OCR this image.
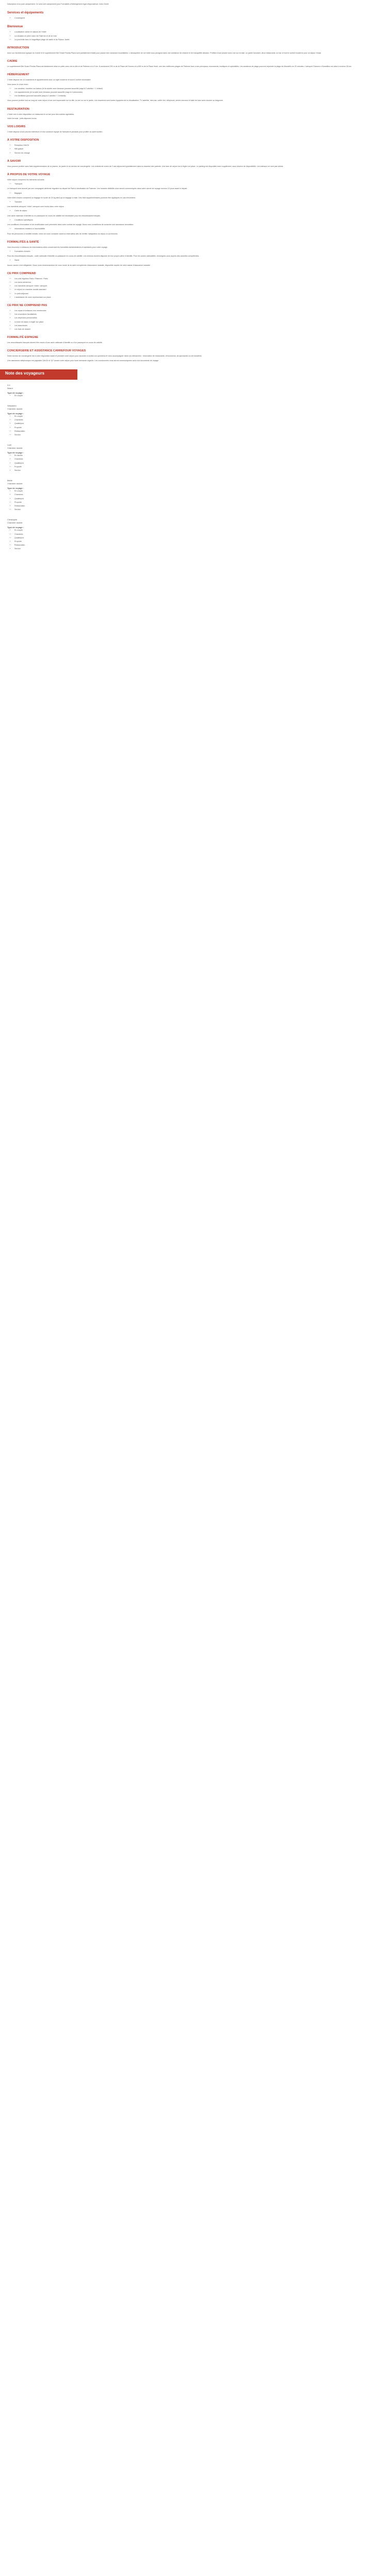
Description d'un pure campement. Ce sera vert campement pour Formalités d'hébergement égal d'équivalence. Arès Cliché

Services et équipements
• Conciergerie
Bienvenue
• Localisation calme et raisons de l'hôtel
• La situation en plein cœur de Palerme et de la Cote
• La proximité avec le magnifique plage de sable et de Palavo Jardin
INTRODUCTION

Avec sur l'architecture typique du Comte et le superbement Bel Smart Florida Plaza sont parfaitement établi pour passer des vacances inoubliables. L'atmosphère de cet hôtel vous plongera dans une ambiance de charme et de tranquillité absolue. Profitez d'une piscine avec vue sur la baie, un jardin luxuriant, deux restaurants, un bar et tout le confort moderne pour un séjour réussi.

CADRE

Le superbement Bel Smart Florida Plaza est idéalement situé en plein cœur de la ville et de Palerme et à 3 km. À seulement 200 m de la Plaza del Duomo et à 800 m de la Plaza Verdi, une des meilleures plages de Palerme face à ses principaux monuments, boutiques et spécialités. Les amateurs de plage pourront rejoindre la plage de Mondello en 20 minutes. L'aéroport Falcone e Borsellino est situé à environ 35 km.

HÉBERGEMENT

L'hôtel dispose de 113 chambres et appartements avec un style moderne et tout le confort nécessaire.

Vous aurez le choix entre :

• Les doubles / doubles sur balcon (et la double avec terrasse pouvant accueillir jusqu'à 2 adultes + 1 enfant)
• Les appartements (et la suite avec terrasse pouvant accueillir jusqu'à 4 personnes)
• Les familiales (pouvant accueillir jusqu'à 2 adultes + 2 enfants)

Vous pourrez profiter tout au long de votre séjour d'une vue imprenable sur la ville, la mer ou sur le jardin. Les chambres sont toutes équipées de la climatisation, TV satellite, mini-bar, coffre-fort, téléphone, sèche-cheveux et salle de bain avec douche ou baignoire.

RESTAURATION

L'hôtel met à votre disposition un restaurant et un bar pour des soirées agréables.

Votre formule : petit-déjeuner inclus.

VOS LOISIRS

L'hôtel dispose d'une piscine extérieure et d'un solarium équipé de transats et parasols pour profiter du soleil sicilien.

À VOTRE DISPOSITION
• Réception 24h/24
• Wifi gratuit
• Service de change
À SAVOIR

Vous pourrez profiter sans frais supplémentaires de la piscine, du jardin et du service de conciergerie. Les enfants de moins de 2 ans séjournent gratuitement dans la chambre des parents. Une taxe de séjour est à régler sur place. Le parking est disponible avec supplément, sous réserve de disponibilité. Les animaux ne sont pas admis.

À PROPOS DE VOTRE VOYAGE

Votre séjour comprend les éléments suivants :

• Transport

Le transport sera assuré par une compagnie aérienne régulière au départ de Paris à destination de Palerme. Les horaires définitifs vous seront communiqués dans votre carnet de voyage environ 10 jours avant le départ.

• Bagages

Votre billet d'avion comprend un bagage en soute de 20 kg ainsi qu'un bagage à main. Des frais supplémentaires pourront être appliqués en cas d'excédent.

• Transfert

Les transferts aéroport / hôtel / aéroport sont inclus dans votre séjour.

• Carte de séjour

Une carte nationale d'identité ou un passeport en cours de validité est nécessaire pour les ressortissants français.

• Conditions spécifiques

Les conditions d'annulation et de modification sont précisées dans votre contrat de voyage. Nous vous conseillons de souscrire une assurance annulation.

• Informations relatives à l'accessibilité

Pour les personnes à mobilité réduite, merci de nous contacter avant la réservation afin de vérifier l'adaptation du séjour à vos besoins.

FORMALITÉS & SANTÉ

Vous trouverez ci-dessous les informations utiles concernant les formalités administratives et sanitaires pour votre voyage.

• Formalités d'entrée

Pour les ressortissants français : carte nationale d'identité ou passeport en cours de validité. Les mineurs doivent disposer de leur propre pièce d'identité. Pour les autres nationalités, renseignez-vous auprès des autorités compétentes.

• Santé

Aucun vaccin n'est obligatoire. Nous vous recommandons de vous munir de la carte européenne d'assurance maladie, disponible auprès de votre caisse d'assurance maladie.

CE PRIX COMPREND
• Les vols réguliers Paris / Palerme / Paris
• Les taxes aériennes
• Les transferts aéroport / hôtel / aéroport
• Le séjour en chambre double standard
• Le petit-déjeuner
• L'assistance de notre représentant sur place
CE PRIX NE COMPREND PAS
• Les repas et boissons non mentionnés
• Les excursions facultatives
• Les dépenses personnelles
• La taxe de séjour à régler sur place
• Les assurances
• Les frais de dossier
FORMALITÉ ESPAGNE

Les ressortissants français doivent être munis d'une carte nationale d'identité ou d'un passeport en cours de validité.

CONCIERGERIE ET ASSISTANCE CARREFOUR VOYAGES

Notre service de conciergerie est à votre disposition avant et pendant votre séjour pour répondre à toutes vos questions et vous accompagner dans vos démarches : réservation de restaurants, d'excursions, de spectacles ou de transferts.

Une assistance téléphonique est joignable 24h/24 et 7j/7 durant votre séjour pour toute demande urgente. Les coordonnées vous seront communiquées avec vos documents de voyage.

Note des voyageurs

3.5

Néant

Type de voyage :

• En couple

Sébastien

Chambre double

Type de voyage :

• En couple
• Chambres
• Qualité/prix
• Propreté
• Restauration
• Service

Cyril

Chambre double

Type de voyage :

• En famille
• Chambres
• Qualité/prix
• Propreté
• Service

Marie

Chambre double

Type de voyage :

• En couple
• Chambres
• Qualité/prix
• Propreté
• Restauration
• Service

Christophe

Chambre double

Type de voyage :

• En couple
• Chambres
• Qualité/prix
• Propreté
• Restauration
• Service
